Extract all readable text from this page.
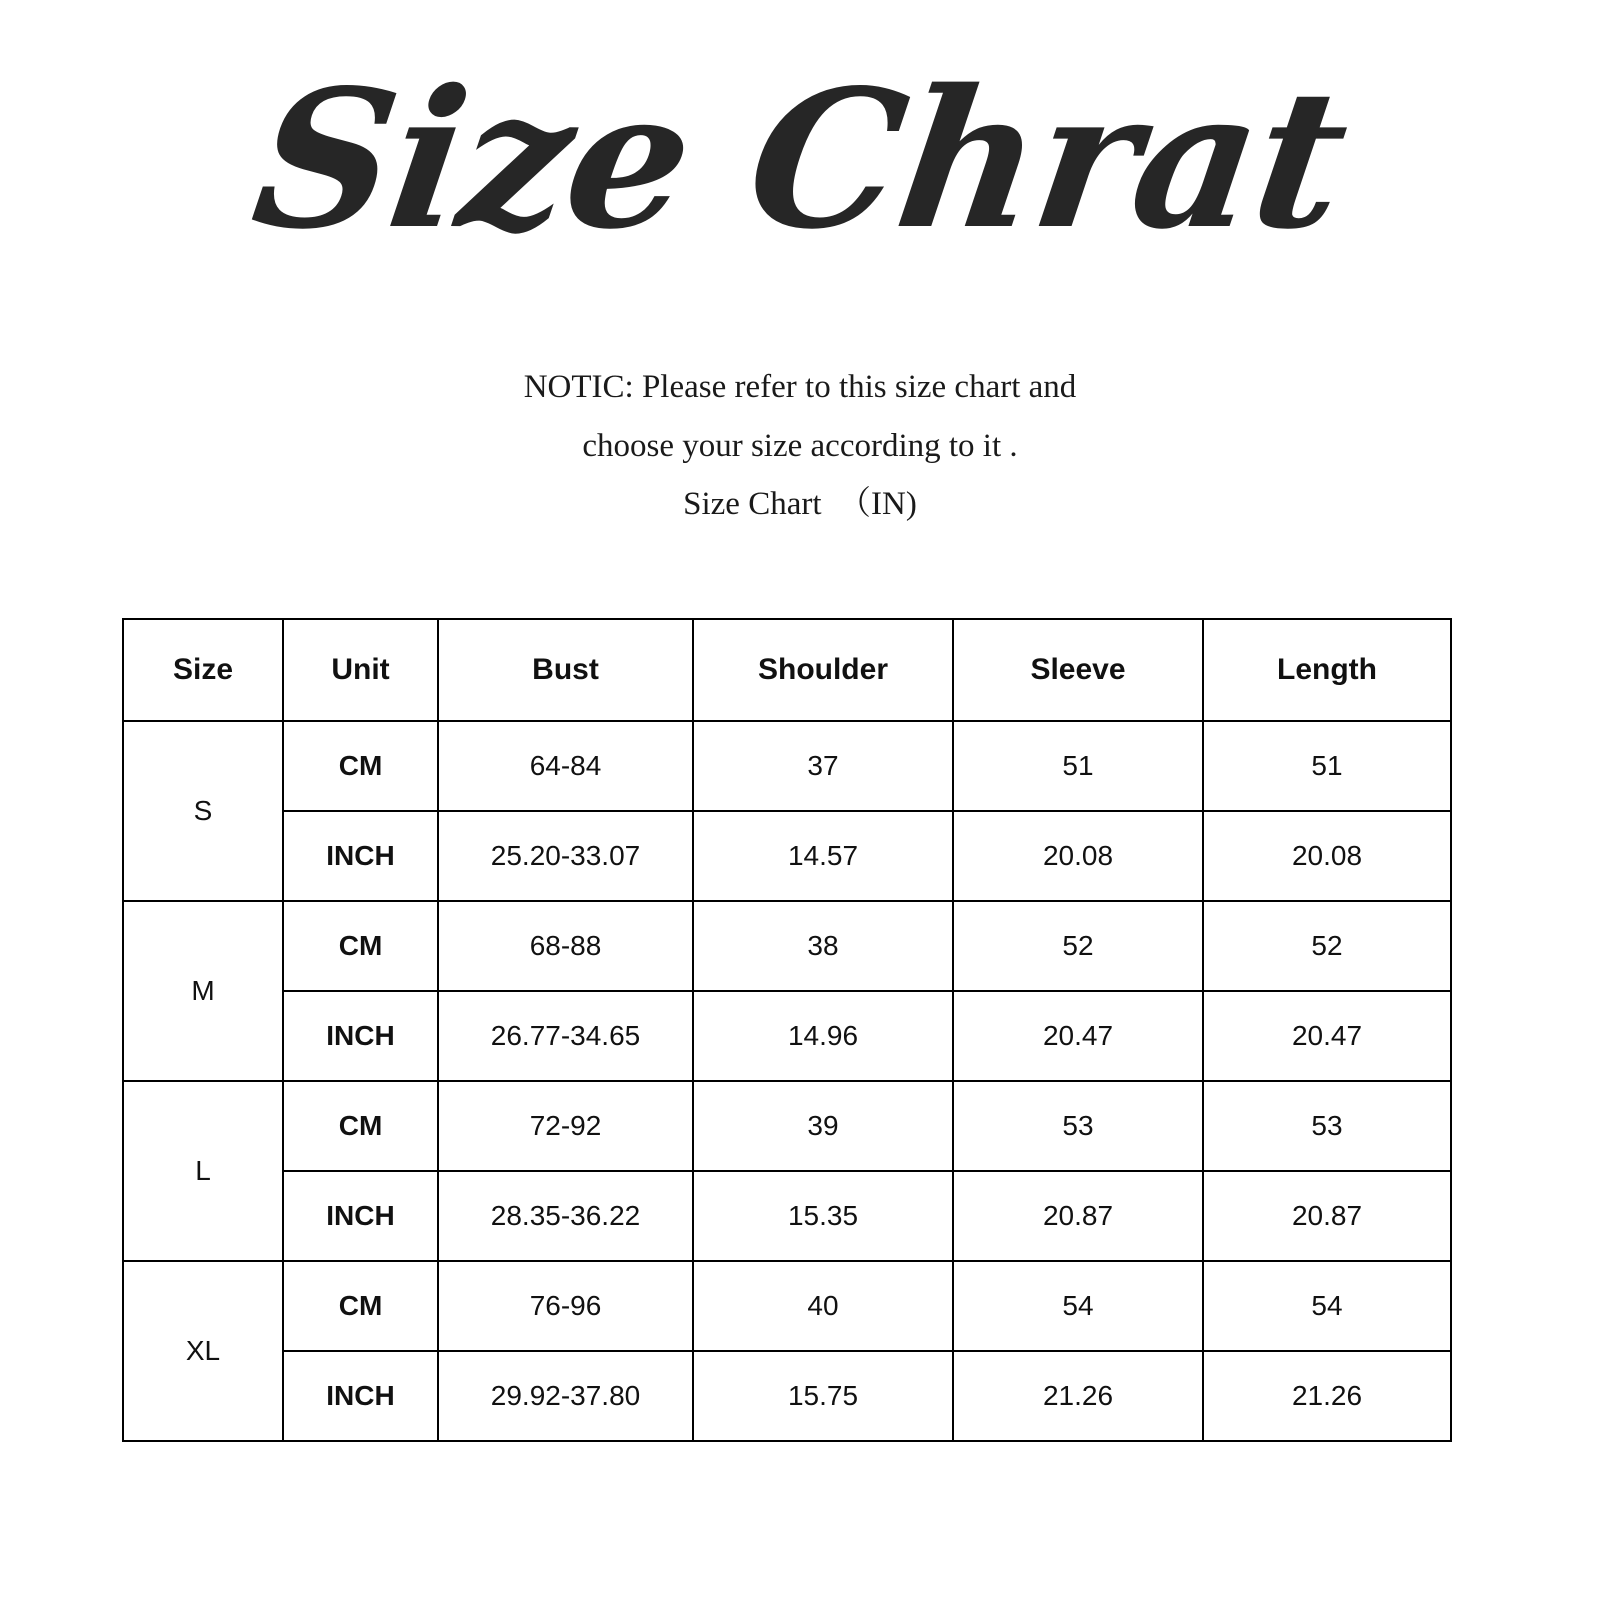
Size Chrat
NOTIC: Please refer to this size chart and
choose your size according to it .
Size Chart  （IN)
Size	Unit	Bust	Shoulder	Sleeve	Length
S	CM	64-84	37	51	51
	INCH	25.20-33.07	14.57	20.08	20.08
M	CM	68-88	38	52	52
	INCH	26.77-34.65	14.96	20.47	20.47
L	CM	72-92	39	53	53
	INCH	28.35-36.22	15.35	20.87	20.87
XL	CM	76-96	40	54	54
	INCH	29.92-37.80	15.75	21.26	21.26
